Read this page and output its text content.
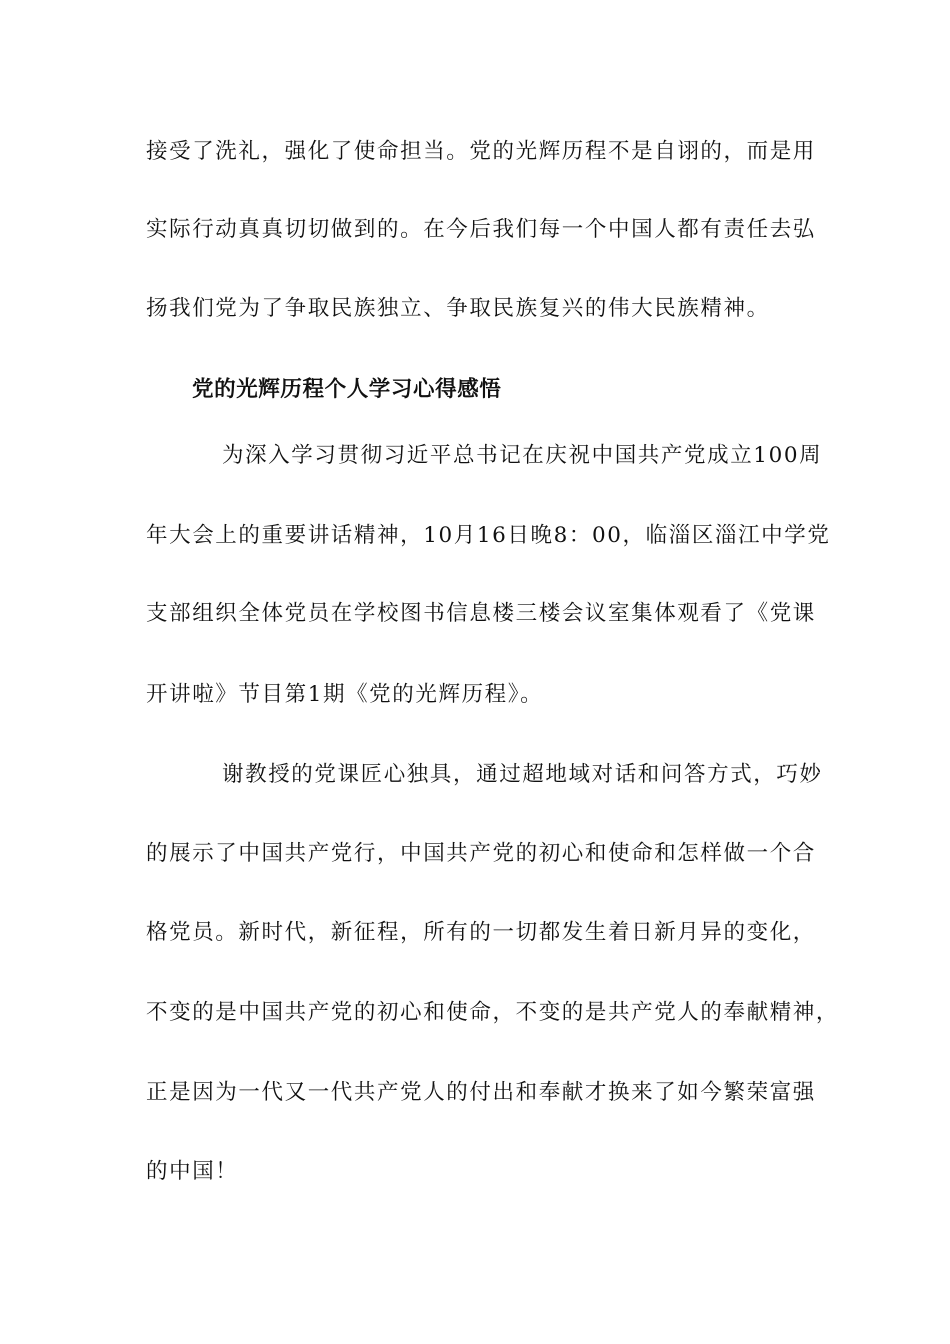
接受了洗礼，强化了使命担当。党的光辉历程不是自诩的，而是用
实际行动真真切切做到的。在今后我们每一个中国人都有责任去弘
扬我们党为了争取民族独立、争取民族复兴的伟大民族精神。
党的光辉历程个人学习心得感悟
为深入学习贯彻习近平总书记在庆祝中国共产党成立100周
年大会上的重要讲话精神，10月16日晚8：00，临淄区淄江中学党
支部组织全体党员在学校图书信息楼三楼会议室集体观看了《党课
开讲啦》节目第1期《党的光辉历程》。
谢教授的党课匠心独具，通过超地域对话和问答方式，巧妙
的展示了中国共产党行，中国共产党的初心和使命和怎样做一个合
格党员。新时代，新征程，所有的一切都发生着日新月异的变化，
不变的是中国共产党的初心和使命，不变的是共产党人的奉献精神，
正是因为一代又一代共产党人的付出和奉献才换来了如今繁荣富强
的中国！
